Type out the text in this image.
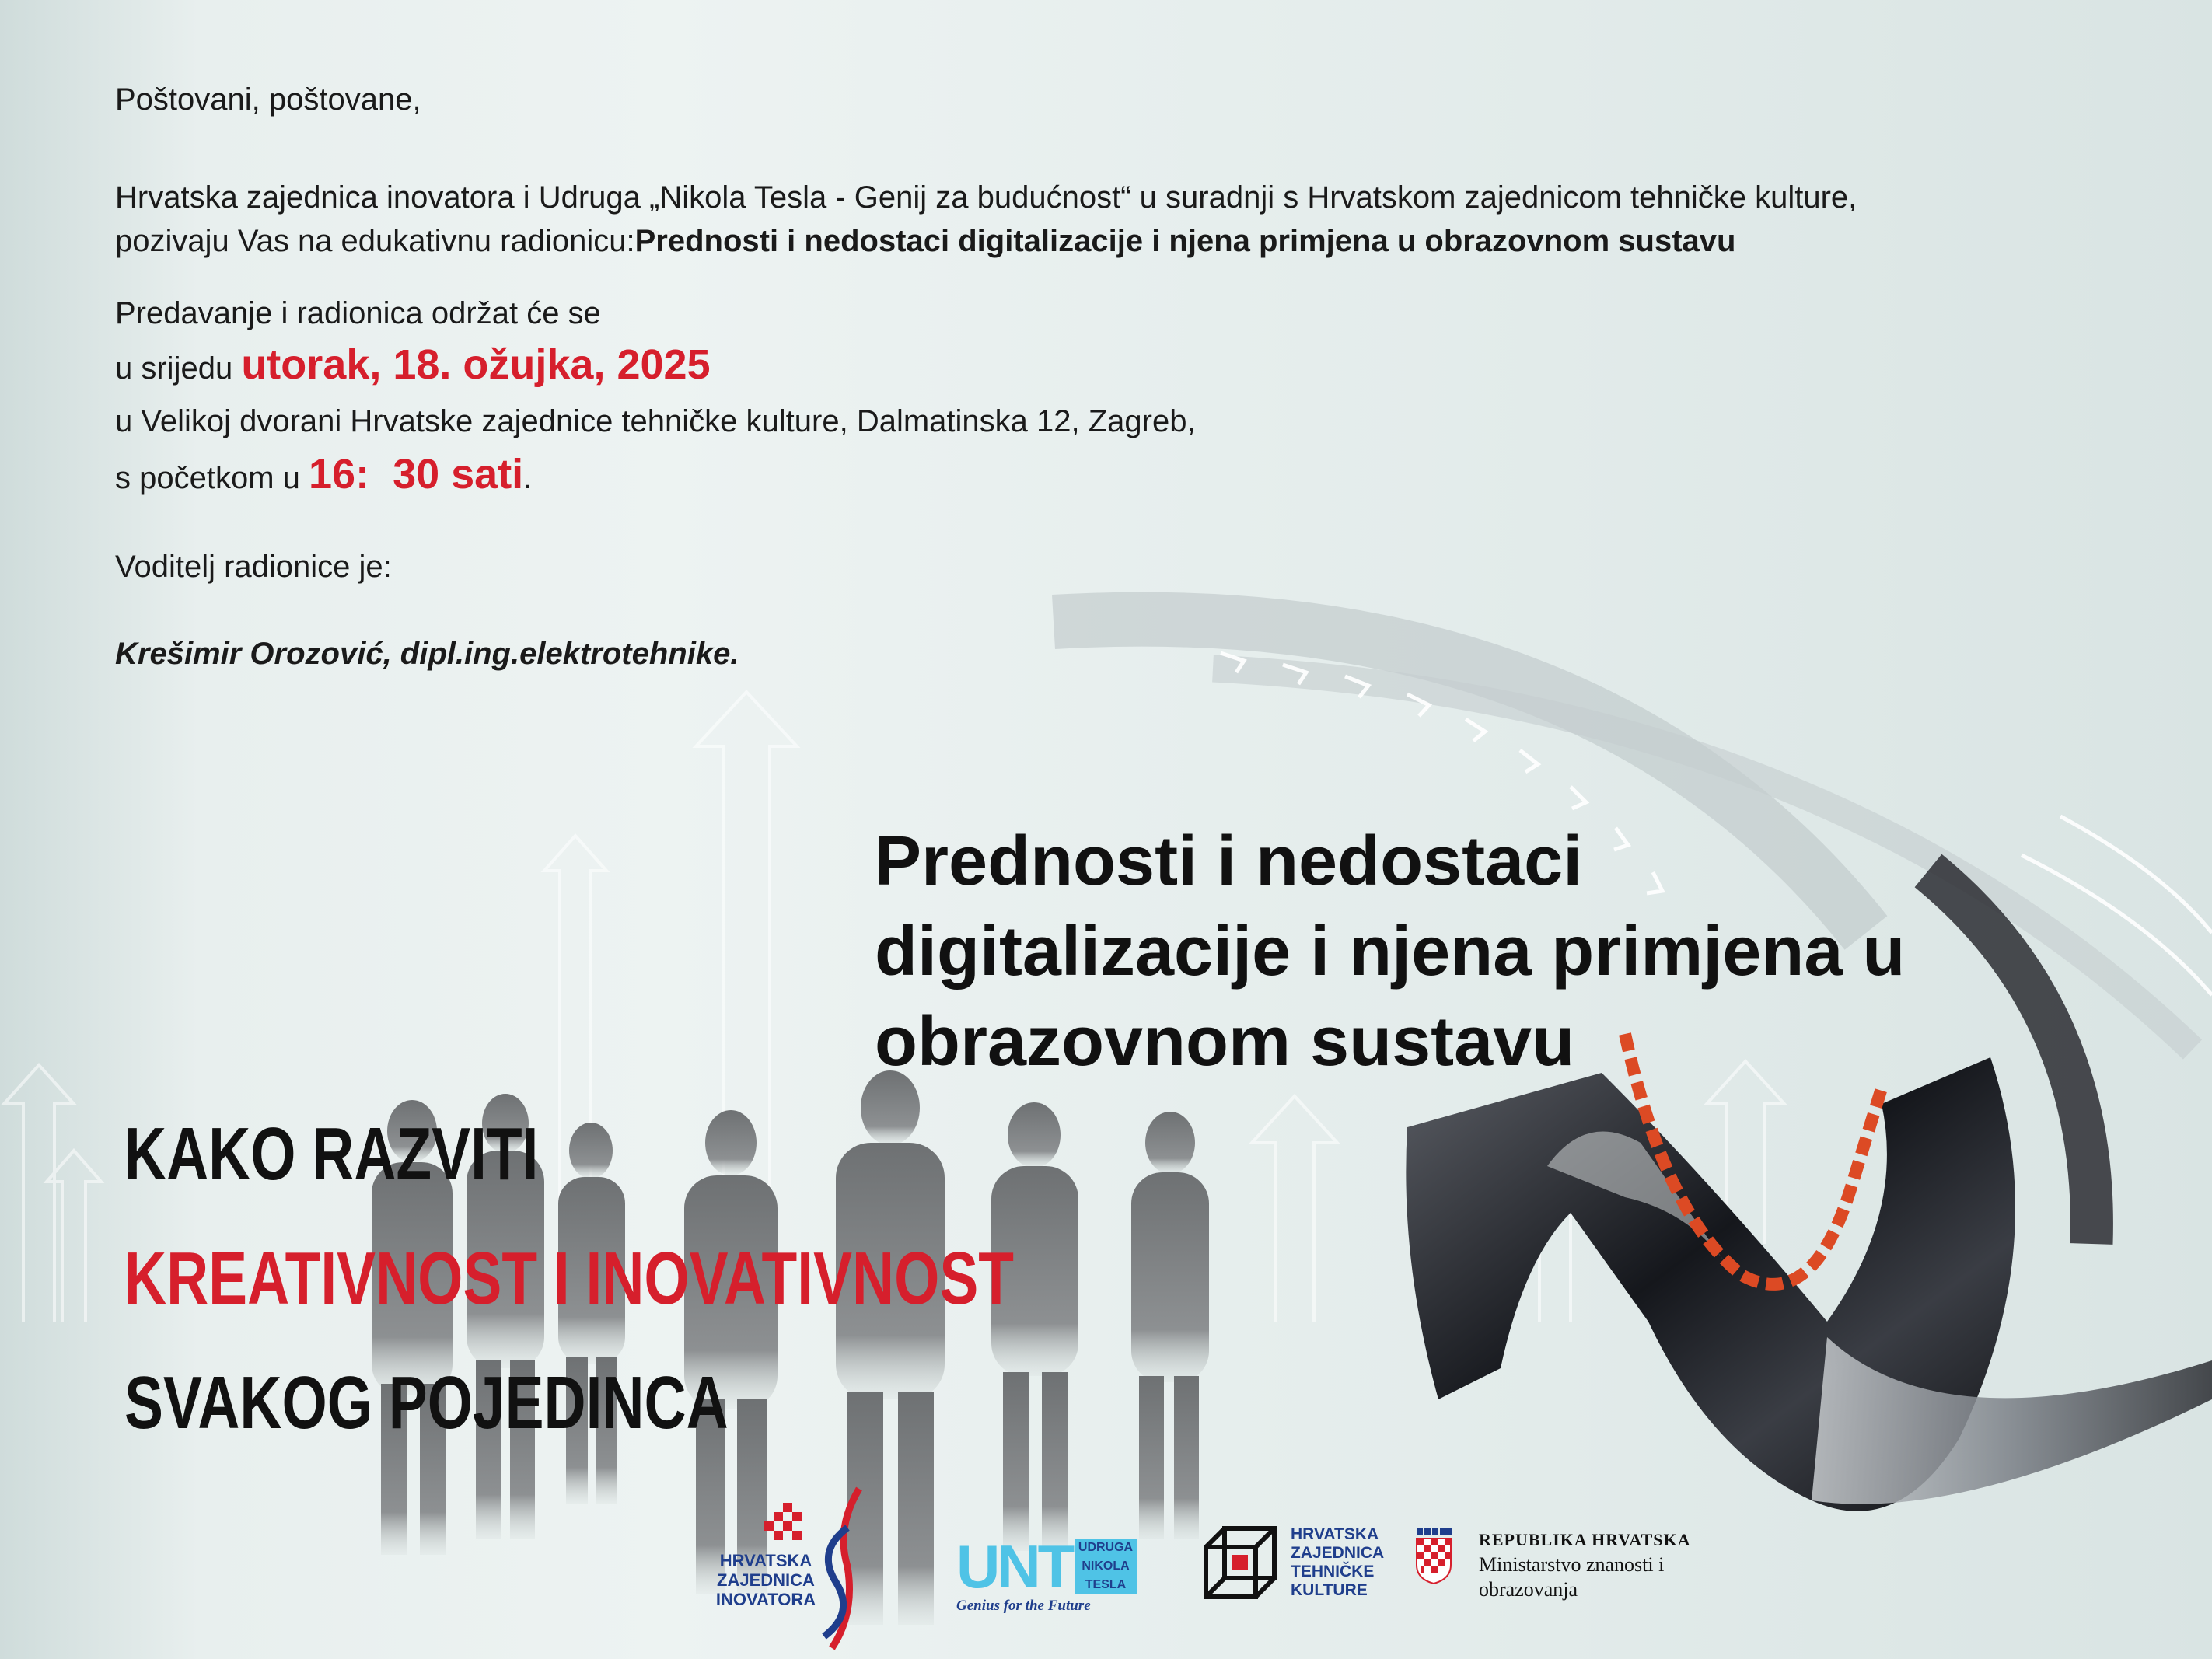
Poštovani, poštovane,

Hrvatska zajednica inovatora i Udruga „Nikola Tesla - Genij za budućnost“ u suradnji s Hrvatskom zajednicom tehničke kulture,

pozivaju Vas na edukativnu radionicu:Prednosti i nedostaci digitalizacije i njena primjena u obrazovnom sustavu

Predavanje i radionica održat će se

u srijedu utorak, 18. ožujka, 2025

u Velikoj dvorani Hrvatske zajednice tehničke kulture, Dalmatinska 12, Zagreb,

s početkom u 16:  30 sati.

Voditelj radionice je:

Krešimir Orozović, dipl.ing.elektrotehnike.

Prednosti i nedostaci
digitalizacije i njena primjena u
obrazovnom sustavu
KAKO RAZVITI
KREATIVNOST I INOVATIVNOST
SVAKOG POJEDINCA
HRVATSKA
ZAJEDNICA
INOVATORA UNT UDRUGA
NIKOLA
TESLA
Genius for the Future
HRVATSKA
ZAJEDNICA
TEHNIČKE
KULTURE
REPUBLIKA HRVATSKA
Ministarstvo znanosti i
obrazovanja
